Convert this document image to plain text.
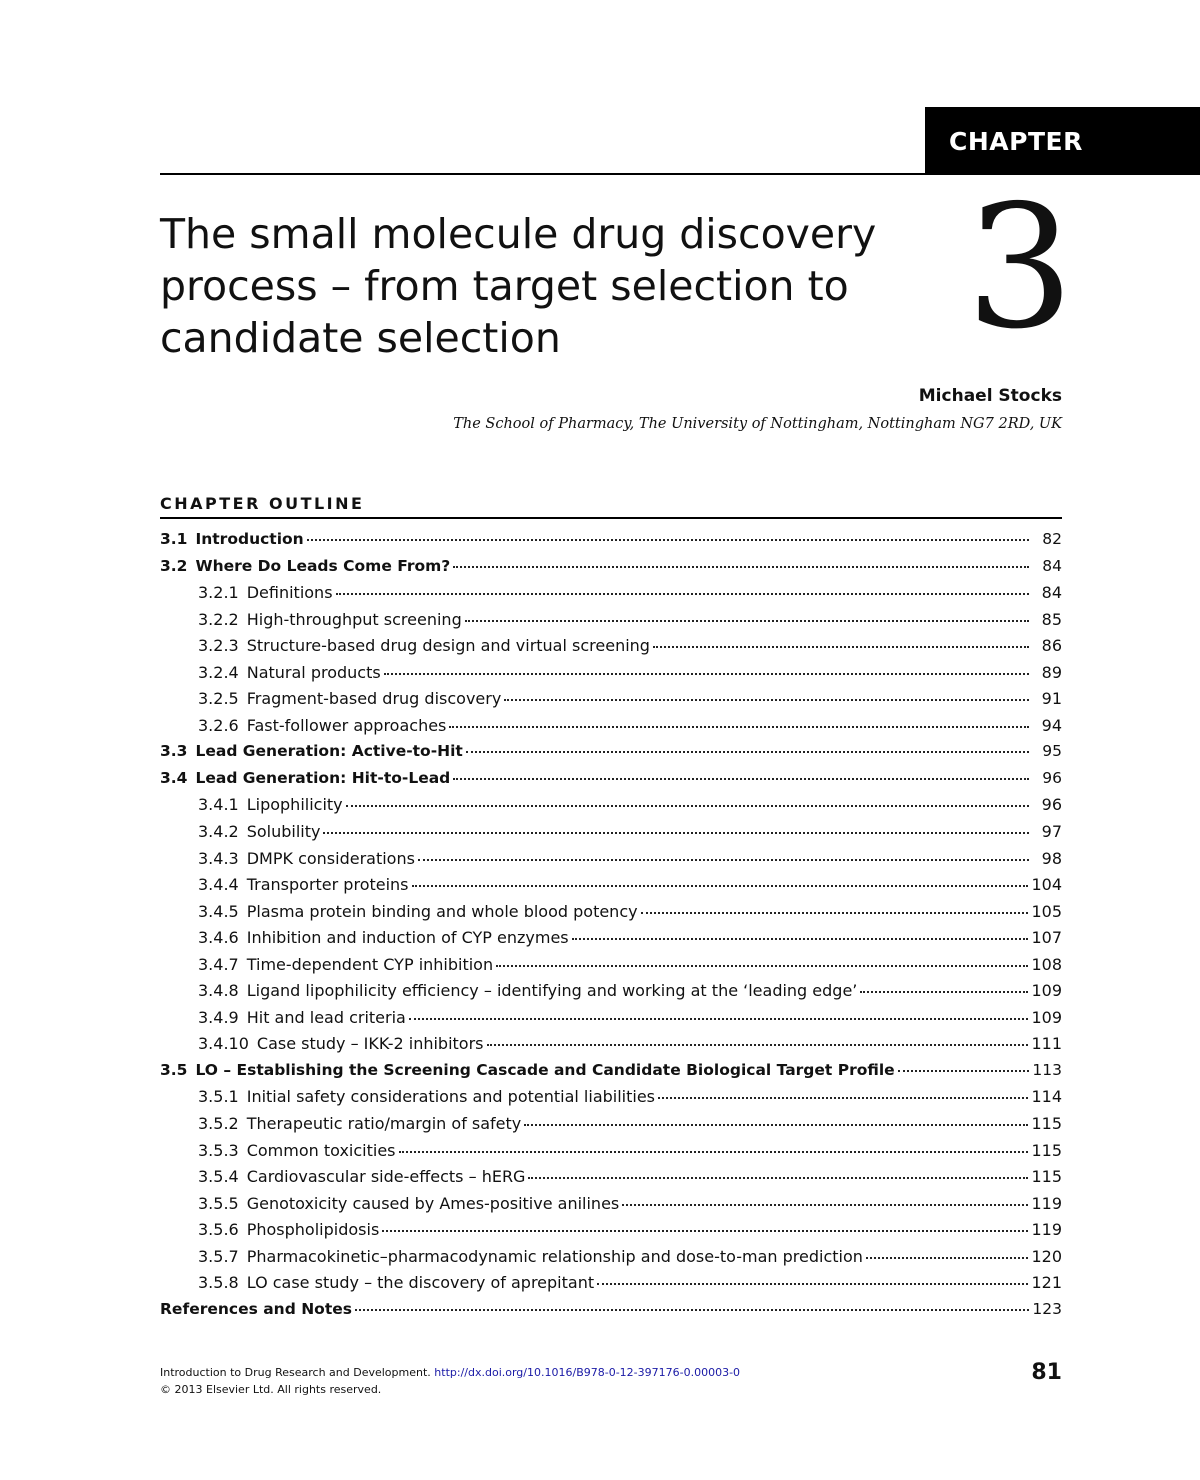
CHAPTER
The small molecule drug discovery
process – from target selection to
candidate selection	3
Michael Stocks
The School of Pharmacy, The University of Nottingham, Nottingham NG7 2RD, UK
CHAPTER OUTLINE
3.1 Introduction	82
3.2 Where Do Leads Come From?	84
3.2.1 Definitions	84
3.2.2 High-throughput screening	85
3.2.3 Structure-based drug design and virtual screening	86
3.2.4 Natural products	89
3.2.5 Fragment-based drug discovery	91
3.2.6 Fast-follower approaches	94
3.3 Lead Generation: Active-to-Hit	95
3.4 Lead Generation: Hit-to-Lead	96
3.4.1 Lipophilicity	96
3.4.2 Solubility	97
3.4.3 DMPK considerations	98
3.4.4 Transporter proteins	104
3.4.5 Plasma protein binding and whole blood potency	105
3.4.6 Inhibition and induction of CYP enzymes	107
3.4.7 Time-dependent CYP inhibition	108
3.4.8 Ligand lipophilicity efficiency – identifying and working at the ‘leading edge’	109
3.4.9 Hit and lead criteria	109
3.4.10 Case study – IKK-2 inhibitors	111
3.5 LO – Establishing the Screening Cascade and Candidate Biological Target Profile	113
3.5.1 Initial safety considerations and potential liabilities	114
3.5.2 Therapeutic ratio/margin of safety	115
3.5.3 Common toxicities	115
3.5.4 Cardiovascular side-effects – hERG	115
3.5.5 Genotoxicity caused by Ames-positive anilines	119
3.5.6 Phospholipidosis	119
3.5.7 Pharmacokinetic–pharmacodynamic relationship and dose-to-man prediction	120
3.5.8 LO case study – the discovery of aprepitant	121
References and Notes	123
Introduction to Drug Research and Development. http://dx.doi.org/10.1016/B978-0-12-397176-0.00003-0
© 2013 Elsevier Ltd. All rights reserved.
81
